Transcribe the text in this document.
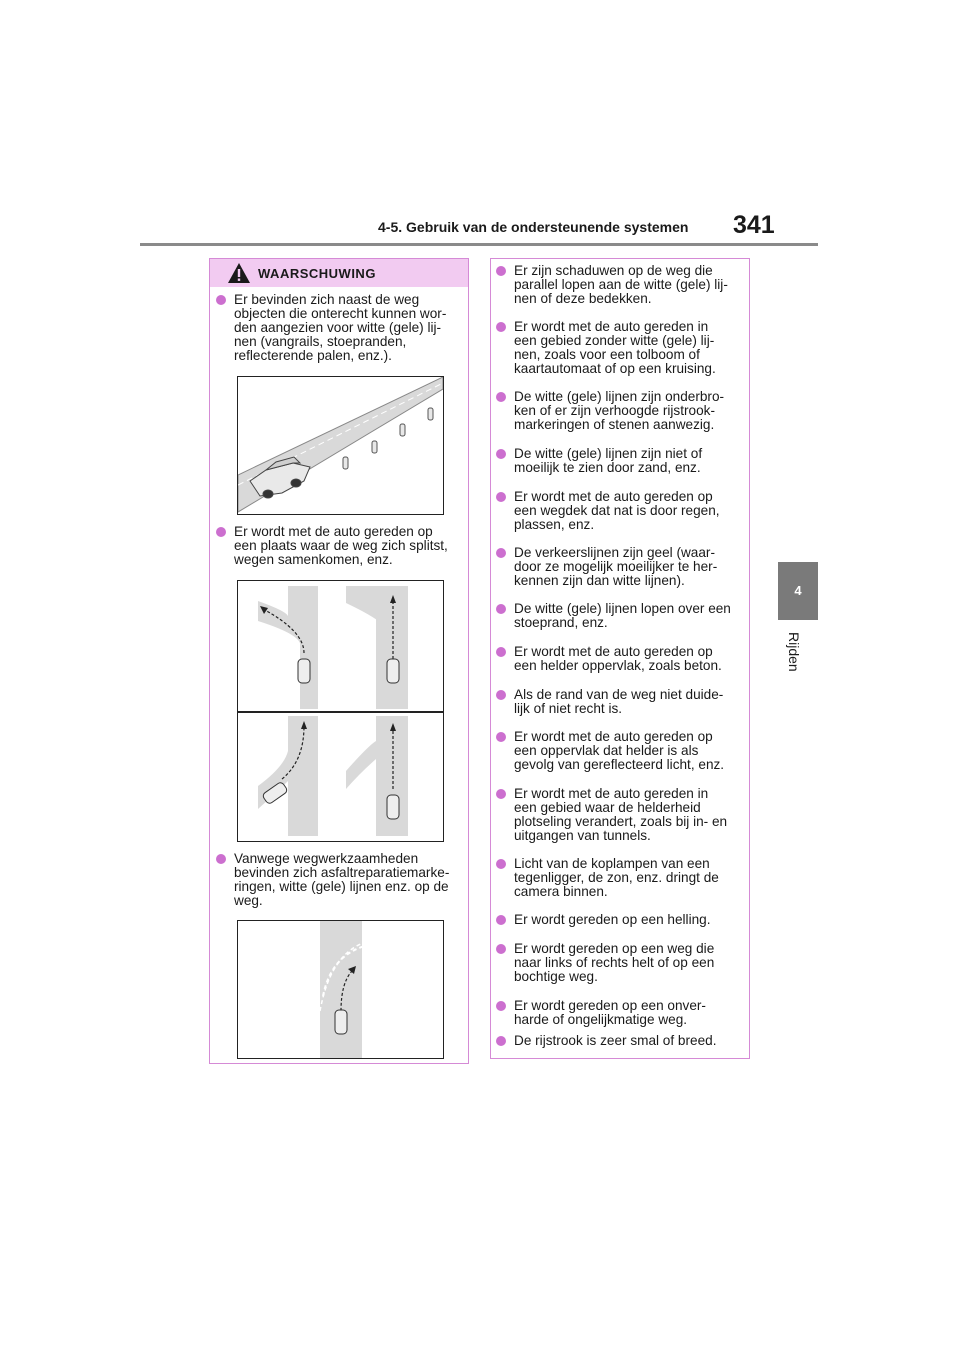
4-5. Gebruik van de ondersteunende systemen 341
4
Rijden
WAARSCHUWING
Er bevinden zich naast de weg
objecten die onterecht kunnen wor-
den aangezien voor witte (gele) lij-
nen (vangrails, stoepranden,
reflecterende palen, enz.).
Er wordt met de auto gereden op
een plaats waar de weg zich splitst,
wegen samenkomen, enz.
Vanwege wegwerkzaamheden
bevinden zich asfaltreparatiemarke-
ringen, witte (gele) lijnen enz. op de
weg.
Er zijn schaduwen op de weg die
parallel lopen aan de witte (gele) lij-
nen of deze bedekken.
Er wordt met de auto gereden in
een gebied zonder witte (gele) lij-
nen, zoals voor een tolboom of
kaartautomaat of op een kruising.
De witte (gele) lijnen zijn onderbro-
ken of er zijn verhoogde rijstrook-
markeringen of stenen aanwezig.
De witte (gele) lijnen zijn niet of
moeilijk te zien door zand, enz.
Er wordt met de auto gereden op
een wegdek dat nat is door regen,
plassen, enz.
De verkeerslijnen zijn geel (waar-
door ze mogelijk moeilijker te her-
kennen zijn dan witte lijnen).
De witte (gele) lijnen lopen over een
stoeprand, enz.
Er wordt met de auto gereden op
een helder oppervlak, zoals beton.
Als de rand van de weg niet duide-
lijk of niet recht is.
Er wordt met de auto gereden op
een oppervlak dat helder is als
gevolg van gereflecteerd licht, enz.
Er wordt met de auto gereden in
een gebied waar de helderheid
plotseling verandert, zoals bij in- en
uitgangen van tunnels.
Licht van de koplampen van een
tegenligger, de zon, enz. dringt de
camera binnen.
Er wordt gereden op een helling.
Er wordt gereden op een weg die
naar links of rechts helt of op een
bochtige weg.
Er wordt gereden op een onver-
harde of ongelijkmatige weg.
De rijstrook is zeer smal of breed.
